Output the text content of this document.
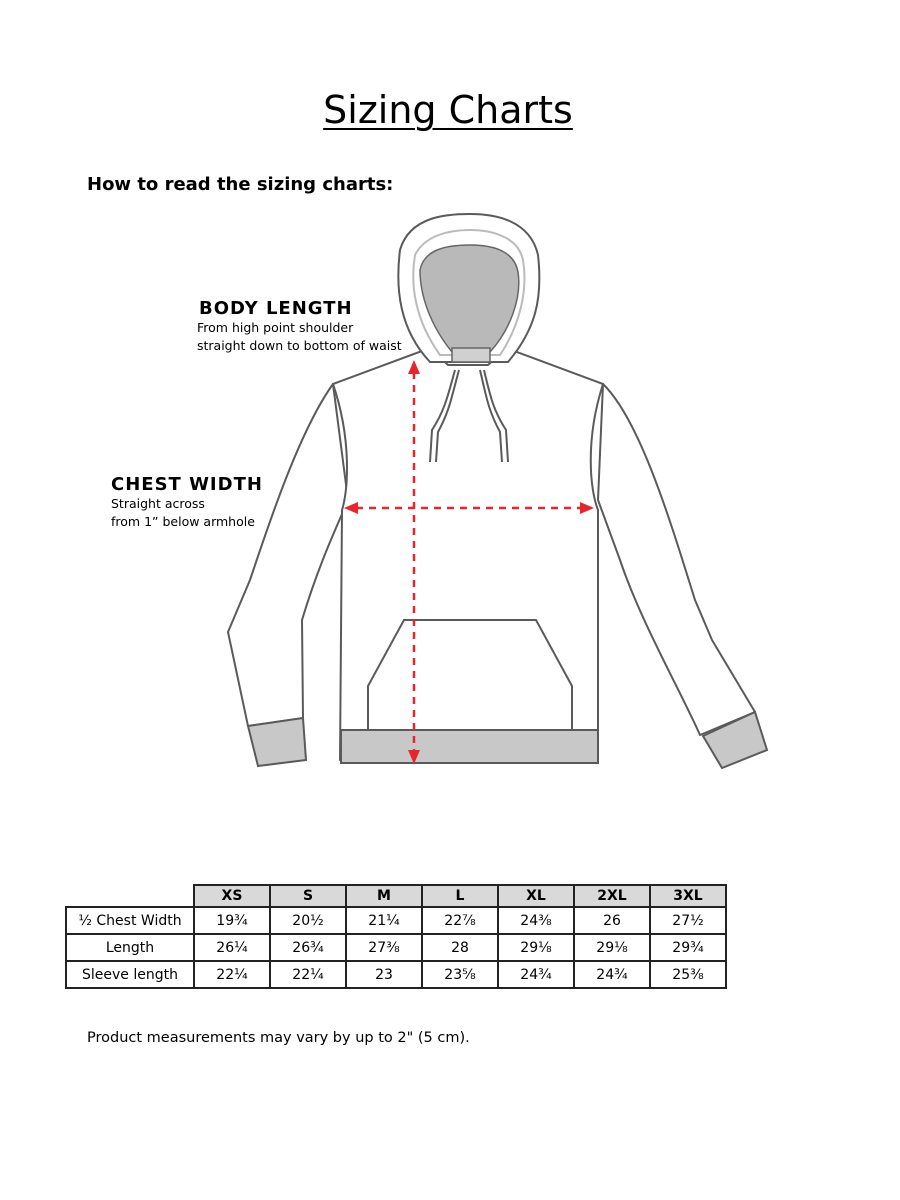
Sizing Charts
How to read the sizing charts:
BODY LENGTH
From high point shoulder
straight down to bottom of waist
CHEST WIDTH
Straight across
from 1” below armhole
	XS	S	M	L	XL	2XL	3XL
½ Chest Width	19¾	20½	21¼	22⅞	24⅜	26	27½
Length	26¼	26¾	27⅜	28	29⅛	29⅛	29¾
Sleeve length	22¼	22¼	23	23⅝	24¾	24¾	25⅜

Product measurements may vary by up to 2" (5 cm).
